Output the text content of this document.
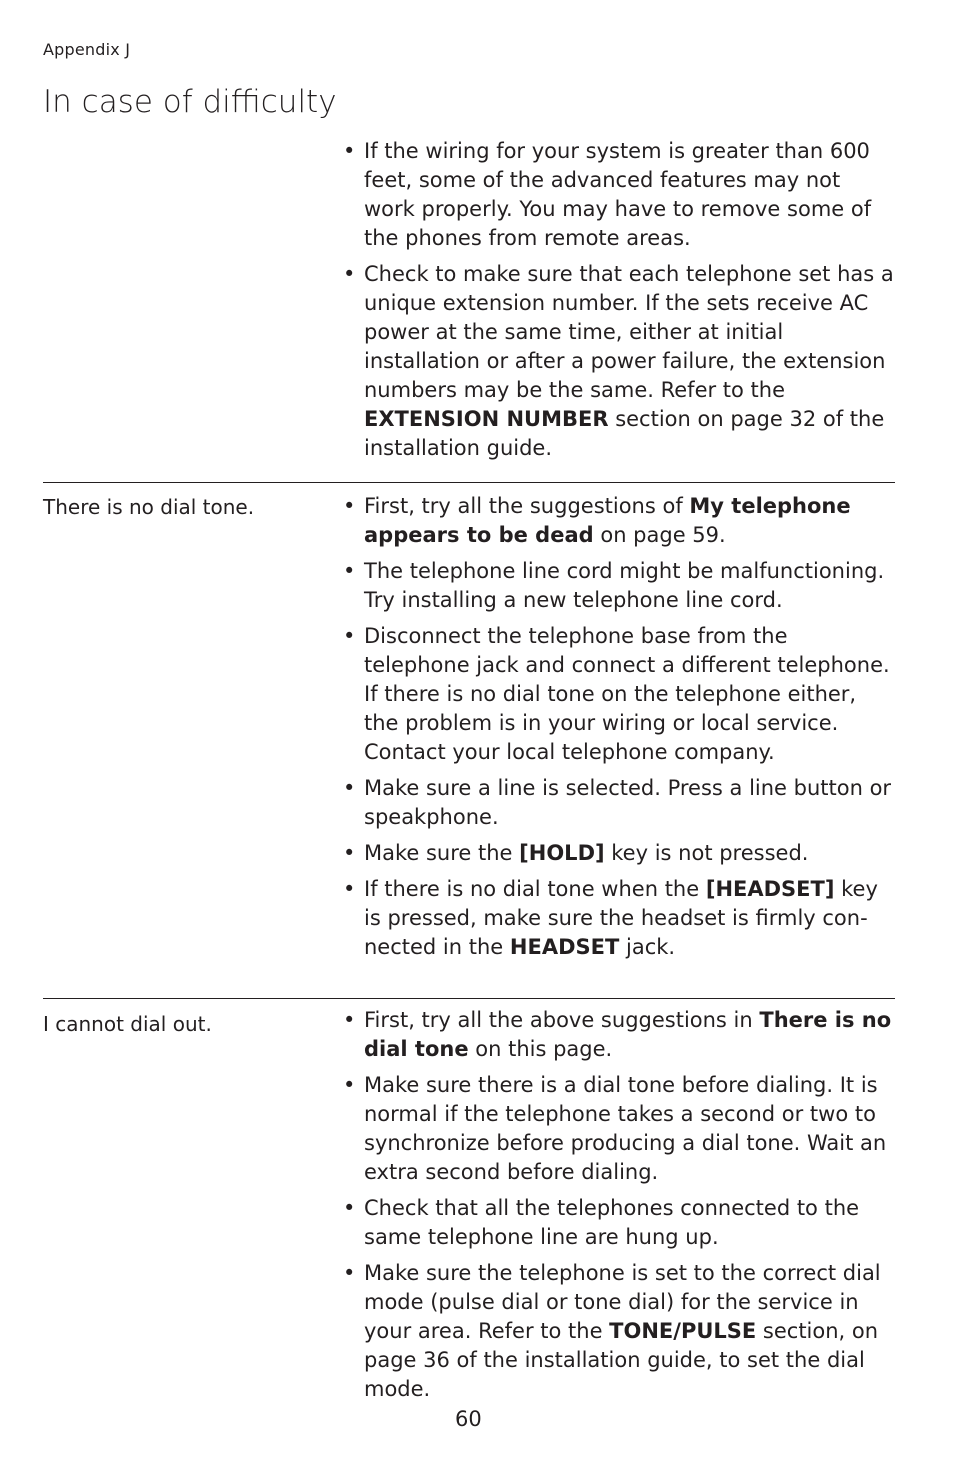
Appendix J
In case of difficulty
• If the wiring for your system is greater than 600 feet, some of the advanced features may not work properly. You may have to remove some of the phones from remote areas.
• Check to make sure that each telephone set has a unique extension number. If the sets receive AC power at the same time, either at initial installation or after a power failure, the extension numbers may be the same. Refer to the EXTENSION NUMBER section on page 32 of the installation guide.
There is no dial tone.	• First, try all the suggestions of My telephone appears to be dead on page 59.
• The telephone line cord might be malfunctioning. Try installing a new telephone line cord.
• Disconnect the telephone base from the telephone jack and connect a different telephone. If there is no dial tone on the telephone either, the problem is in your wiring or local service. Contact your local telephone company.
• Make sure a line is selected. Press a line button or speakphone.
• Make sure the [HOLD] key is not pressed.
• If there is no dial tone when the [HEADSET] key is pressed, make sure the headset is firmly con-nected in the HEADSET jack.
I cannot dial out.	• First, try all the above suggestions in There is no dial tone on this page.
• Make sure there is a dial tone before dialing. It is normal if the telephone takes a second or two to synchronize before producing a dial tone. Wait an extra second before dialing.
• Check that all the telephones connected to the same telephone line are hung up.
• Make sure the telephone is set to the correct dial mode (pulse dial or tone dial) for the service in your area. Refer to the TONE/PULSE section, on page 36 of the installation guide, to set the dial mode.
60
